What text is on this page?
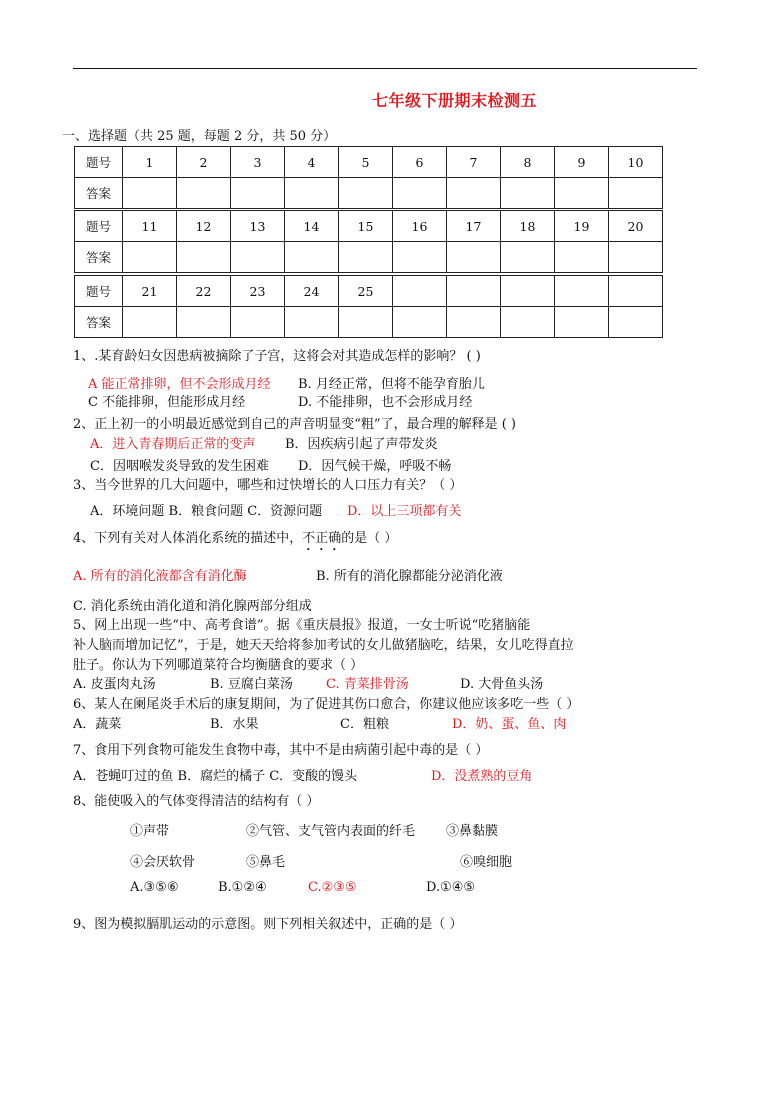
七年级下册期末检测五
一、选择题（共 25 题，每题 2 分，共 50 分）
题号	1	2	3	4	5	6	7	8	9	10
答案										
题号	11	12	13	14	15	16	17	18	19	20
答案										
题号	21	22	23	24	25					
答案										
1、.某育龄妇女因患病被摘除了子宫，这将会对其造成怎样的影响？ ( )
A 能正常排卵，但不会形成月经 B. 月经正常，但将不能孕育胎儿
C 不能排卵，但能形成月经	D. 不能排卵，也不会形成月经
2、正上初一的小明最近感觉到自己的声音明显变“粗”了，最合理的解释是 ( )
A．进入青春期后正常的变声 B．因疾病引起了声带发炎
C．因咽喉发炎导致的发生困难 D．因气候干燥，呼吸不畅
3、当今世界的几大问题中，哪些和过快增长的人口压力有关？（ ）
A．环境问题 B．粮食问题 C．资源问题 D．以上三项都有关
4、下列有关对人体消化系统的描述中，不正确的是（ ）
A. 所有的消化液都含有消化酶	B. 所有的消化腺都能分泌消化液
C. 消化系统由消化道和消化腺两部分组成
5、网上出现一些“中、高考食谱”。据《重庆晨报》报道，一女士听说“吃猪脑能
补人脑而增加记忆”，于是，她天天给将参加考试的女儿做猪脑吃，结果，女儿吃得直拉
肚子。你认为下列哪道菜符合均衡膳食的要求（ ）
A. 皮蛋肉丸汤	B. 豆腐白菜汤	C. 青菜排骨汤	D. 大骨鱼头汤
6、某人在阑尾炎手术后的康复期间，为了促进其伤口愈合，你建议他应该多吃一些（ ）
A．蔬菜	B．水果	C．粗粮	D．奶、蛋、鱼、肉
7、食用下列食物可能发生食物中毒，其中不是由病菌引起中毒的是（ ）
A．苍蝇叮过的鱼 B．腐烂的橘子 C．变酸的馒头	D．没煮熟的豆角
8、能使吸入的气体变得清洁的结构有（ ）
①声带	②气管、支气管内表面的纤毛 ③鼻黏膜
④会厌软骨	⑤鼻毛	⑥嗅细胞
A.③⑤⑥	B.①②④	C.②③⑤	D.①④⑤
9、图为模拟膈肌运动的示意图。则下列相关叙述中，正确的是（ ）
